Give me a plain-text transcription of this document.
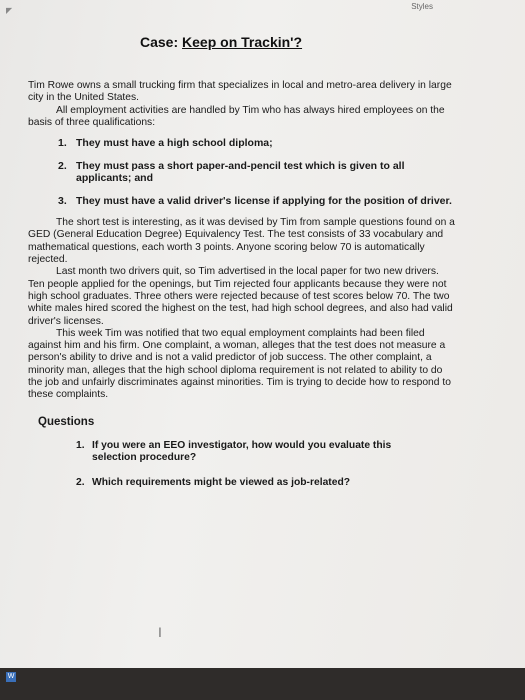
◤	Styles
Case: Keep on Trackin'?

Tim Rowe owns a small trucking firm that specializes in local and metro-area delivery in large city in the United States.

All employment activities are handled by Tim who has always hired employees on the basis of three qualifications:

1. They must have a high school diploma;
2. They must pass a short paper-and-pencil test which is given to all applicants; and
3. They must have a valid driver's license if applying for the position of driver.

The short test is interesting, as it was devised by Tim from sample questions found on a GED (General Education Degree) Equivalency Test. The test consists of 33 vocabulary and mathematical questions, each worth 3 points. Anyone scoring below 70 is automatically rejected.

Last month two drivers quit, so Tim advertised in the local paper for two new drivers. Ten people applied for the openings, but Tim rejected four applicants because they were not high school graduates. Three others were rejected because of test scores below 70. The two white males hired scored the highest on the test, had high school degrees, and also had valid driver's licenses.

This week Tim was notified that two equal employment complaints had been filed against him and his firm. One complaint, a woman, alleges that the test does not measure a person's ability to drive and is not a valid predictor of job success. The other complaint, a minority man, alleges that the high school diploma requirement is not related to ability to do the job and unfairly discriminates against minorities. Tim is trying to decide how to respond to these complaints.

Questions
1. If you were an EEO investigator, how would you evaluate this selection procedure?
2. Which requirements might be viewed as job-related?
I
W
